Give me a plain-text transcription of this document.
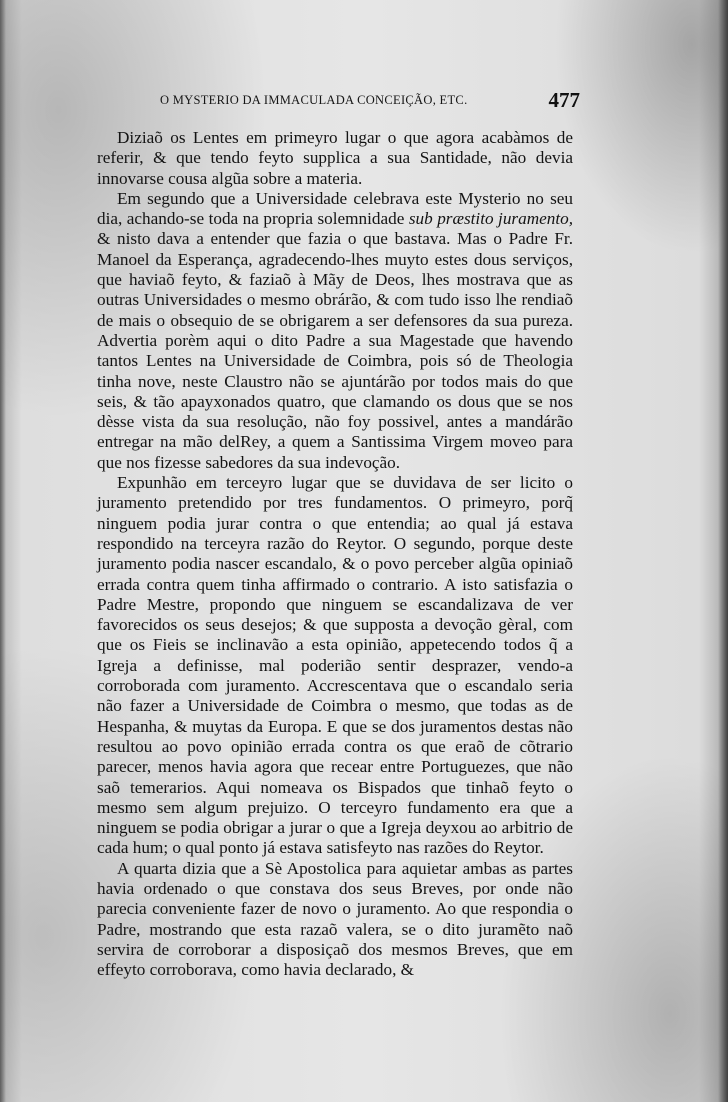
O MYSTERIO DA IMMACULADA CONCEIÇÃO, ETC.	477

Diziaõ os Lentes em primeyro lugar o que agora acabàmos de referir, & que tendo feyto supplica a sua Santidade, não devia innovarse cousa algũa sobre a materia.

Em segundo que a Universidade celebrava este Mysterio no seu dia, achando-se toda na propria solemnidade sub præstito juramento, & nisto dava a entender que fazia o que bastava. Mas o Padre Fr. Manoel da Esperança, agradecendo-lhes muyto estes dous serviços, que haviaõ feyto, & faziaõ à Mãy de Deos, lhes mostrava que as outras Universidades o mesmo obrárão, & com tudo isso lhe rendiaõ de mais o obsequio de se obrigarem a ser defensores da sua pureza. Advertia porèm aqui o dito Padre a sua Magestade que havendo tantos Lentes na Universidade de Coimbra, pois só de Theologia tinha nove, neste Claustro não se ajuntárão por todos mais do que seis, & tão apayxonados quatro, que clamando os dous que se nos dèsse vista da sua resolução, não foy possivel, antes a mandárão entregar na mão delRey, a quem a Santissima Virgem moveo para que nos fizesse sabedores da sua indevoção.

Expunhão em terceyro lugar que se duvidava de ser licito o juramento pretendido por tres fundamentos. O primeyro, porq̃ ninguem podia jurar contra o que entendia; ao qual já estava respondido na terceyra razão do Reytor. O segundo, porque deste juramento podia nascer escandalo, & o povo perceber algũa opiniaõ errada contra quem tinha affirmado o contrario. A isto satisfazia o Padre Mestre, propondo que ninguem se escandalizava de ver favorecidos os seus desejos; & que supposta a devoção gèral, com que os Fieis se inclinavão a esta opinião, appetecendo todos q̃ a Igreja a definisse, mal poderião sentir desprazer, vendo-a corroborada com juramento. Accrescentava que o escandalo seria não fazer a Universidade de Coimbra o mesmo, que todas as de Hespanha, & muytas da Europa. E que se dos juramentos destas não resultou ao povo opinião errada contra os que eraõ de cõtrario parecer, menos havia agora que recear entre Portuguezes, que não saõ temerarios. Aqui nomeava os Bispados que tinhaõ feyto o mesmo sem algum prejuizo. O terceyro fundamento era que a ninguem se podia obrigar a jurar o que a Igreja deyxou ao arbitrio de cada hum; o qual ponto já estava satisfeyto nas razões do Reytor.

A quarta dizia que a Sè Apostolica para aquietar ambas as partes havia ordenado o que constava dos seus Breves, por onde não parecia conveniente fazer de novo o juramento. Ao que respondia o Padre, mostrando que esta razaõ valera, se o dito juramẽto naõ servira de corroborar a disposiçaõ dos mesmos Breves, que em effeyto corroborava, como havia declarado, &
